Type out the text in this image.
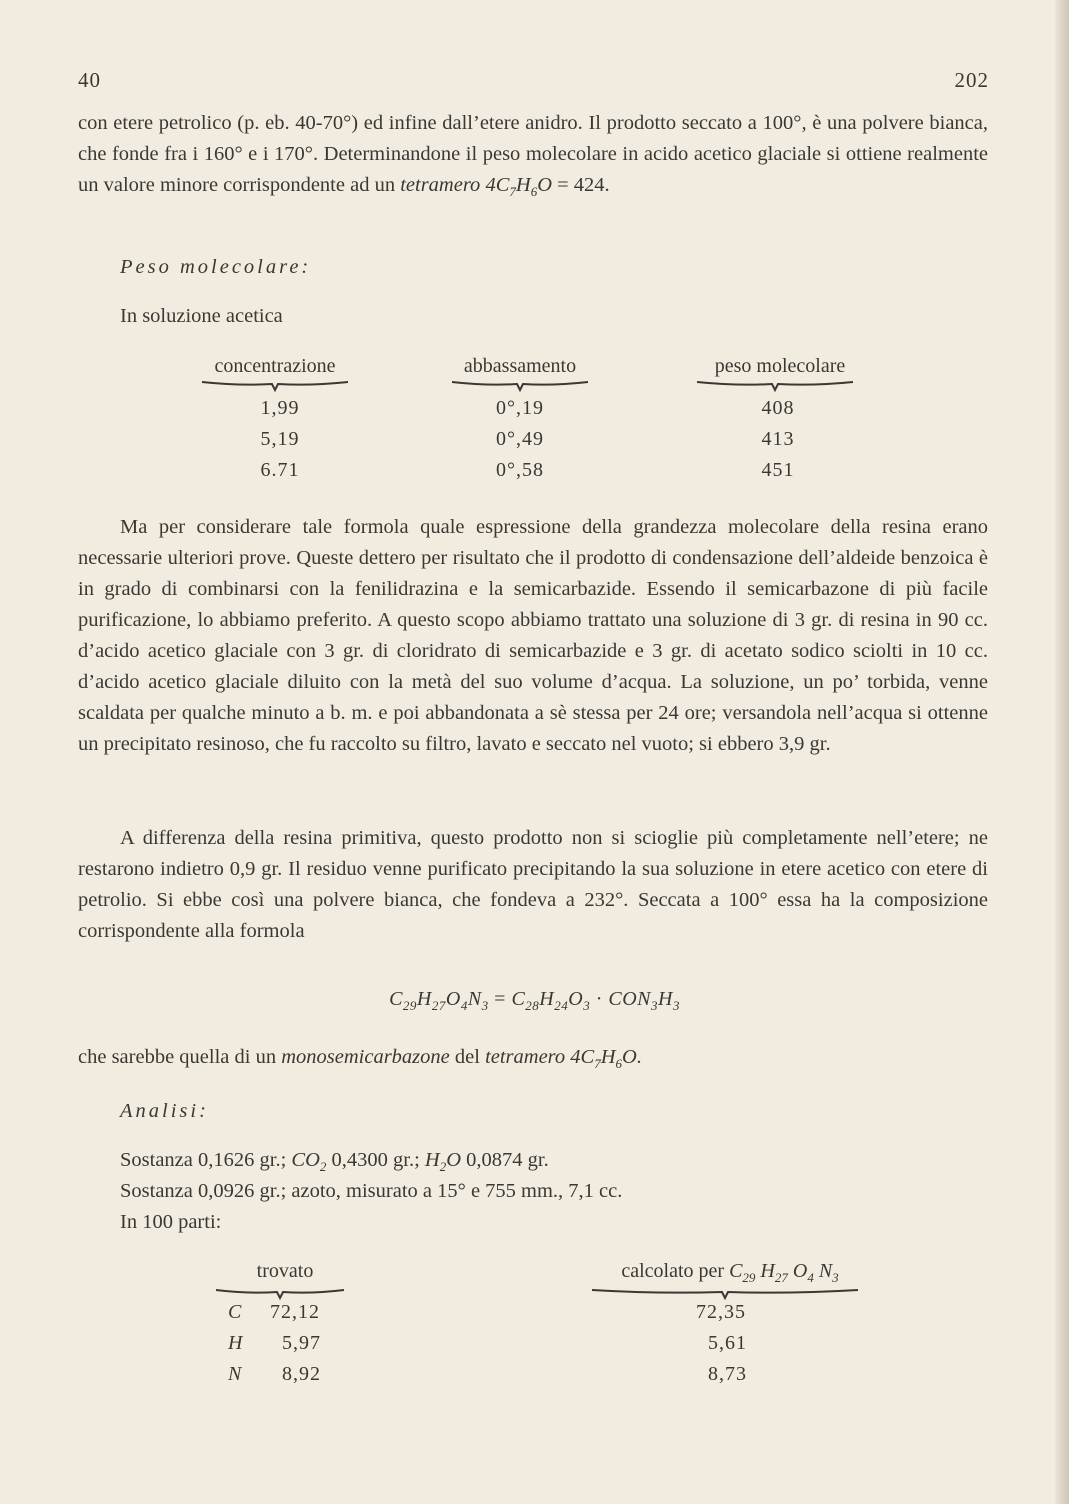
40	202
con etere petrolico (p. eb. 40-70°) ed infine dall’etere anidro. Il prodotto seccato a 100°, è una polvere bianca, che fonde fra i 160° e i 170°. Determinandone il peso molecolare in acido acetico glaciale si ottiene realmente un valore minore corrispondente ad un tetramero $4C_7H_6O = 424$.
Peso molecolare:
In soluzione acetica
concentrazione	abbassamento	peso molecolare
1,99	0°,19	408
5,19	0°,49	413
6.71	0°,58	451
Ma per considerare tale formola quale espressione della grandezza molecolare della resina erano necessarie ulteriori prove. Queste dettero per risultato che il prodotto di condensazione dell’aldeide benzoica è in grado di combinarsi con la fenilidrazina e la semicarbazide. Essendo il semicarbazone di più facile purificazione, lo abbiamo preferito. A questo scopo abbiamo trattato una soluzione di 3 gr. di resina in 90 cc. d’acido acetico glaciale con 3 gr. di cloridrato di semicarbazide e 3 gr. di acetato sodico sciolti in 10 cc. d’acido acetico glaciale diluito con la metà del suo volume d’acqua. La soluzione, un po’ torbida, venne scaldata per qualche minuto a b. m. e poi abbandonata a sè stessa per 24 ore; versandola nell’acqua si ottenne un precipitato resinoso, che fu raccolto su filtro, lavato e seccato nel vuoto; si ebbero 3,9 gr.
A differenza della resina primitiva, questo prodotto non si scioglie più completamente nell’etere; ne restarono indietro 0,9 gr. Il residuo venne purificato precipitando la sua soluzione in etere acetico con etere di petrolio. Si ebbe così una polvere bianca, che fondeva a 232°. Seccata a 100° essa ha la composizione corrispondente alla formola
$C_{29}H_{27}O_4N_3 = C_{28}H_{24}O_3 \cdot CON_3H_3$
che sarebbe quella di un monosemicarbazone del tetramero $4C_7H_6O$.
Analisi:
Sostanza 0,1626 gr.; $CO_2$ 0,4300 gr.; $H_2O$ 0,0874 gr.
Sostanza 0,0926 gr.; azoto, misurato a 15° e 755 mm., 7,1 cc.
In 100 parti:
trovato	calcolato per $C_{29}$ $H_{27}$ $O_4$ $N_3$
C 72,12	72,35
H 5,97	5,61
N 8,92	8,73
